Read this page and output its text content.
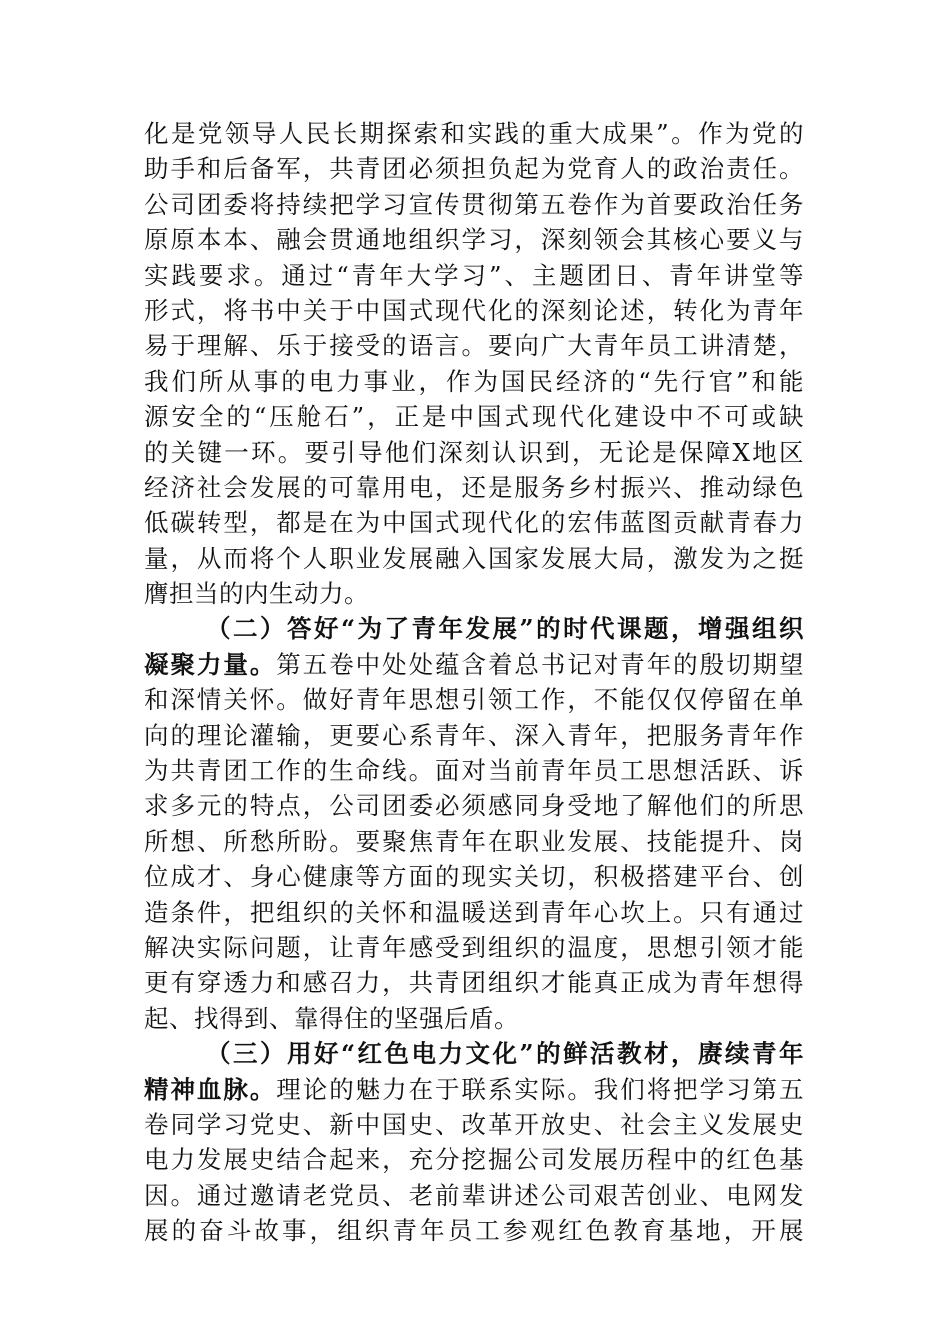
化是党领导人民长期探索和实践的重大成果”。作为党的
助手和后备军，共青团必须担负起为党育人的政治责任。
公司团委将持续把学习宣传贯彻第五卷作为首要政治任务
原原本本、融会贯通地组织学习，深刻领会其核心要义与
实践要求。通过“青年大学习”、主题团日、青年讲堂等
形式，将书中关于中国式现代化的深刻论述，转化为青年
易于理解、乐于接受的语言。要向广大青年员工讲清楚，
我们所从事的电力事业，作为国民经济的“先行官”和能
源安全的“压舱石”，正是中国式现代化建设中不可或缺
的关键一环。要引导他们深刻认识到，无论是保障X地区
经济社会发展的可靠用电，还是服务乡村振兴、推动绿色
低碳转型，都是在为中国式现代化的宏伟蓝图贡献青春力
量，从而将个人职业发展融入国家发展大局，激发为之挺
膺担当的内生动力。
（二）答好“为了青年发展”的时代课题，增强组织
凝聚力量。第五卷中处处蕴含着总书记对青年的殷切期望
和深情关怀。做好青年思想引领工作，不能仅仅停留在单
向的理论灌输，更要心系青年、深入青年，把服务青年作
为共青团工作的生命线。面对当前青年员工思想活跃、诉
求多元的特点，公司团委必须感同身受地了解他们的所思
所想、所愁所盼。要聚焦青年在职业发展、技能提升、岗
位成才、身心健康等方面的现实关切，积极搭建平台、创
造条件，把组织的关怀和温暖送到青年心坎上。只有通过
解决实际问题，让青年感受到组织的温度，思想引领才能
更有穿透力和感召力，共青团组织才能真正成为青年想得
起、找得到、靠得住的坚强后盾。
（三）用好“红色电力文化”的鲜活教材，赓续青年
精神血脉。理论的魅力在于联系实际。我们将把学习第五
卷同学习党史、新中国史、改革开放史、社会主义发展史
电力发展史结合起来，充分挖掘公司发展历程中的红色基
因。通过邀请老党员、老前辈讲述公司艰苦创业、电网发
展的奋斗故事，组织青年员工参观红色教育基地，开展
